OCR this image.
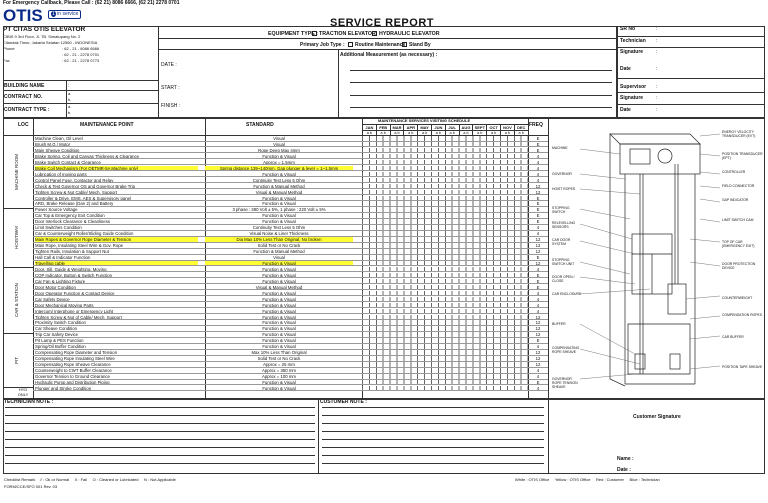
For Emergency Callback, Please Call : (62 21) 8086 6666, (62 21) 2278 0701
OTIS	1 in service
PT CITAS OTIS ELEVATOR
CIBIS 9 3rd Floor, Jl. TB. Simatupang No. 2
Cilandak Timur, Jakarta Selatan 12560 - INDONESIA
Phone	: 62 - 21 - 8086 6666
: 62 - 21 - 2278 0701
Fax	: 62 - 21 - 2278 0773
SERVICE REPORT
EQUIPMENT TYPE : TRACTION ELEVATOR HYDRAULIC ELEVATOR
Primary Job Type : Routine Maintenance Stand By
DATE :
Additional Measurement (as necessary) :
BUILDING NAME	:
CONTRACT NO.
a.
b.
CONTRACT TYPE :
a.
b.
START :
FINISH :
SR No	:
Technician :
Signature	:
Date	:
Supervisor :
Signature	:
Date	:
LOC	MAINTENANCE POINT	STANDARD
MAINTENANCE SERVICES VISITING SCHEDULE
FREQ
JAN
a b
FEB
a b
MAR
a b
APR
a b
MAY
a b
JUN
a b
JUL
a b
AUG
a b
SEPT
a b
OCT
a b
NOV
a b
DEC
a b
MACHINE ROOM
HOISTWAY
CAR & STATION
PIT
HYD ONLY
Machine Clean, Oil Level	Visual	E
Brush M.G / Motor	Visual	E
Main Sheave Condition	Rope Deep Max 4mm	E
Brake Spring, Coil and Canvas Thickness & Clearance	Function & Visual	4
Brake Switch Contact & Clearance	Approx = 1,5mm	4
Brake Coil Mechanism (For OETMR-5A Machine only)	Spring distance 139~140mm, Gap plunger & lever = 1~1.5mm	4
Lubrication of moving parts	Function & Visual	4
Control Panel Fuse, Contactor and Relay	Continuity Test Less 5 Ohm	4
Check & Test Governor OS and Governor Brake Trip	Function & Manual Method	12
Tighten Screw & Nut Cable/ Mech. Support	Visual & Manual Method	12
Controller & Drive, EMS, AES & Supervisory panel	Function & Visual	E
ARD, Brake Release (Dan 2) and Battery	Function & Visual	E
Power Source Voltage	3 phase : 380 Volt ± 5%, 1 phase : 220 Volt ± 5%	E
Car Top & Emergency Exit Condition	Function & Visual	E
Door Interlock Clearance & Cleanliness	Function & Visual	E
Limit Switches Condition	Continuity Test Less 5 Ohm	4
Car & Counterweight Roller/Sliding Guide Condition	Visual Noise & Liner Thickness	4
Main Ropes & Governor Rope Diameter & Tension	Dia Max 10% Less Than Original, No broken	12
Main Rope, Insulating Steel Wire & Gov. Rope	Solid Test or No Crack	12
Tighten Rails, Insulation & Support Nut	Function & Manual Method	12
Hall Call & Indicator Function	Visual	E
Travelling cable	Function & Visual	12
Door, Sill, Guide & Weighting, Moving	Function & Visual	4
COP Indicator, Button & Switch Function	Function & Visual	E
Car Fan & Lighting Fixture	Function & Visual	E
Door Motor Condition	Visual & Manual Method	E
Door Operator Function & Contact Device	Function & Visual	4
Car Safety Device	Function & Visual	4
Door Mechanical Moving Parts	Function & Visual	4
Intercom/ Interphone or Emergency Light	Function & Visual	4
Tighten Screw & Nut of Cable/ Mech. Support	Function & Visual	12
Proximity Switch Condition	Function & Visual	12
Car Sheave Condition	Function & Visual	12
Trip Car Safety Device	Function & Visual	12
Pit Lamp & PES Function	Function & Visual	E
Spring/Oil Buffer Condition	Function & Visual	4
Compensating Rope Diameter and Tension	Max 10% Less Than Original	12
Compensating Rope Insulating Steel Wire	Solid Test or No Crack	12
Compensating Rope Sheave Clearance	Approx = 25 mm	12
Counterweight to CWT Buffer Clearance	Approx = 350 mm	4
Governor Tension to Ground Clearance	Approx = 100 mm	4
Hydraulic Pump and Distribution Piping	Function & Visual	E
Plunger and Stroke Condition	Function & Visual	4
MACHINE
GOVERNOR
HOIST ROPES
STOPPING SWITCH
RELEVELLING SENSORS
CAR DOOR SYSTEM
STOPPING SWITCH UNIT
DOOR OPEN / CLOSE
CAR ENCLOSURE
BUFFER
COMPENSATING ROPE SHEAVE
GOVERNOR ROPE TENSION SHEAVE
ENERGY VELOCITY TRANSDUCER (EVT)
POSITION TRANSDUCER (EPT)
CONTROLLER
FIELD CONNECTOR
GAP INDICATOR
LIMIT SWITCH CAM
TOP OF CAR (EMERGENCY EXIT)
DOOR PROTECTION DEVICE
COUNTERWEIGHT
COMPENSATION ROPES
CAR BUFFER
POSITION TAPE SHEAVE
Customer Signature
TECHNICIAN NOTE :	CUSTOMER NOTE :
Name :
Date :
Checklist Remark    √ : Ok or Normal     X : Fail     O : Cleaned or Lubricated     N : Not Applicable
FORM/CCE/SFO 001 Rev. 03
White : OTIS Office     Yellow : OTIS Office     Red : Customer     Blue : Technician
